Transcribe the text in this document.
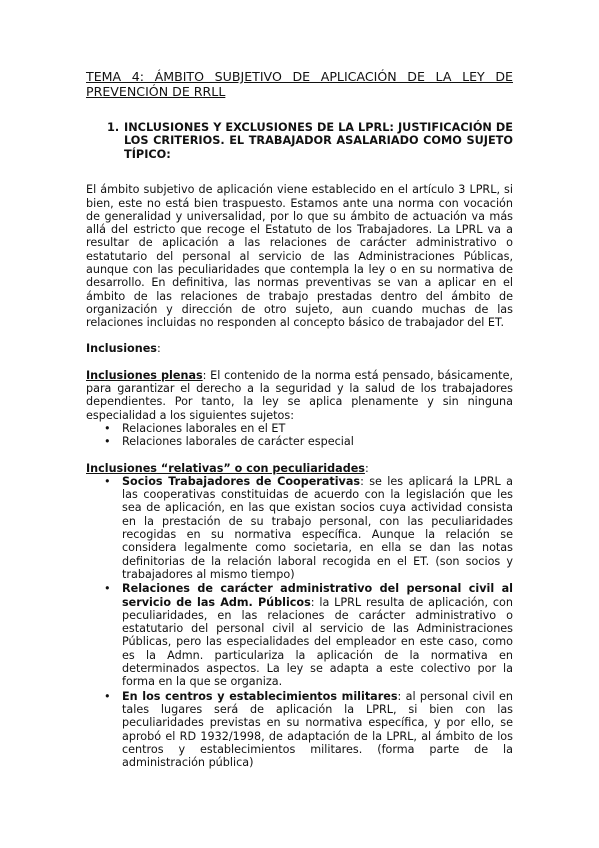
TEMA 4: ÁMBITO SUBJETIVO DE APLICACIÓN DE LA LEY DE PREVENCIÓN DE RRLL
1. INCLUSIONES Y EXCLUSIONES DE LA LPRL: JUSTIFICACIÓN DE LOS CRITERIOS. EL TRABAJADOR ASALARIADO COMO SUJETO TÍPICO:

El ámbito subjetivo de aplicación viene establecido en el artículo 3 LPRL, si bien, este no está bien traspuesto. Estamos ante una norma con vocación de generalidad y universalidad, por lo que su ámbito de actuación va más allá del estricto que recoge el Estatuto de los Trabajadores. La LPRL va a resultar de aplicación a las relaciones de carácter administrativo o estatutario del personal al servicio de las Administraciones Públicas, aunque con las peculiaridades que contempla la ley o en su normativa de desarrollo. En definitiva, las normas preventivas se van a aplicar en el ámbito de las relaciones de trabajo prestadas dentro del ámbito de organización y dirección de otro sujeto, aun cuando muchas de las relaciones incluidas no responden al concepto básico de trabajador del ET.

Inclusiones:

Inclusiones plenas: El contenido de la norma está pensado, básicamente, para garantizar el derecho a la seguridad y la salud de los trabajadores dependientes. Por tanto, la ley se aplica plenamente y sin ninguna especialidad a los siguientes sujetos:

• Relaciones laborales en el ET
• Relaciones laborales de carácter especial

Inclusiones “relativas” o con peculiaridades:

• Socios Trabajadores de Cooperativas: se les aplicará la LPRL a las cooperativas constituidas de acuerdo con la legislación que les sea de aplicación, en las que existan socios cuya actividad consista en la prestación de su trabajo personal, con las peculiaridades recogidas en su normativa específica. Aunque la relación se considera legalmente como societaria, en ella se dan las notas definitorias de la relación laboral recogida en el ET. (son socios y trabajadores al mismo tiempo)
• Relaciones de carácter administrativo del personal civil al servicio de las Adm. Públicos: la LPRL resulta de aplicación, con peculiaridades, en las relaciones de carácter administrativo o estatutario del personal civil al servicio de las Administraciones Públicas, pero las especialidades del empleador en este caso, como es la Admn. particulariza la aplicación de la normativa en determinados aspectos. La ley se adapta a este colectivo por la forma en la que se organiza.
• En los centros y establecimientos militares: al personal civil en tales lugares será de aplicación la LPRL, si bien con las peculiaridades previstas en su normativa específica, y por ello, se aprobó el RD 1932/1998, de adaptación de la LPRL, al ámbito de los centros y establecimientos militares. (forma parte de la administración pública)
